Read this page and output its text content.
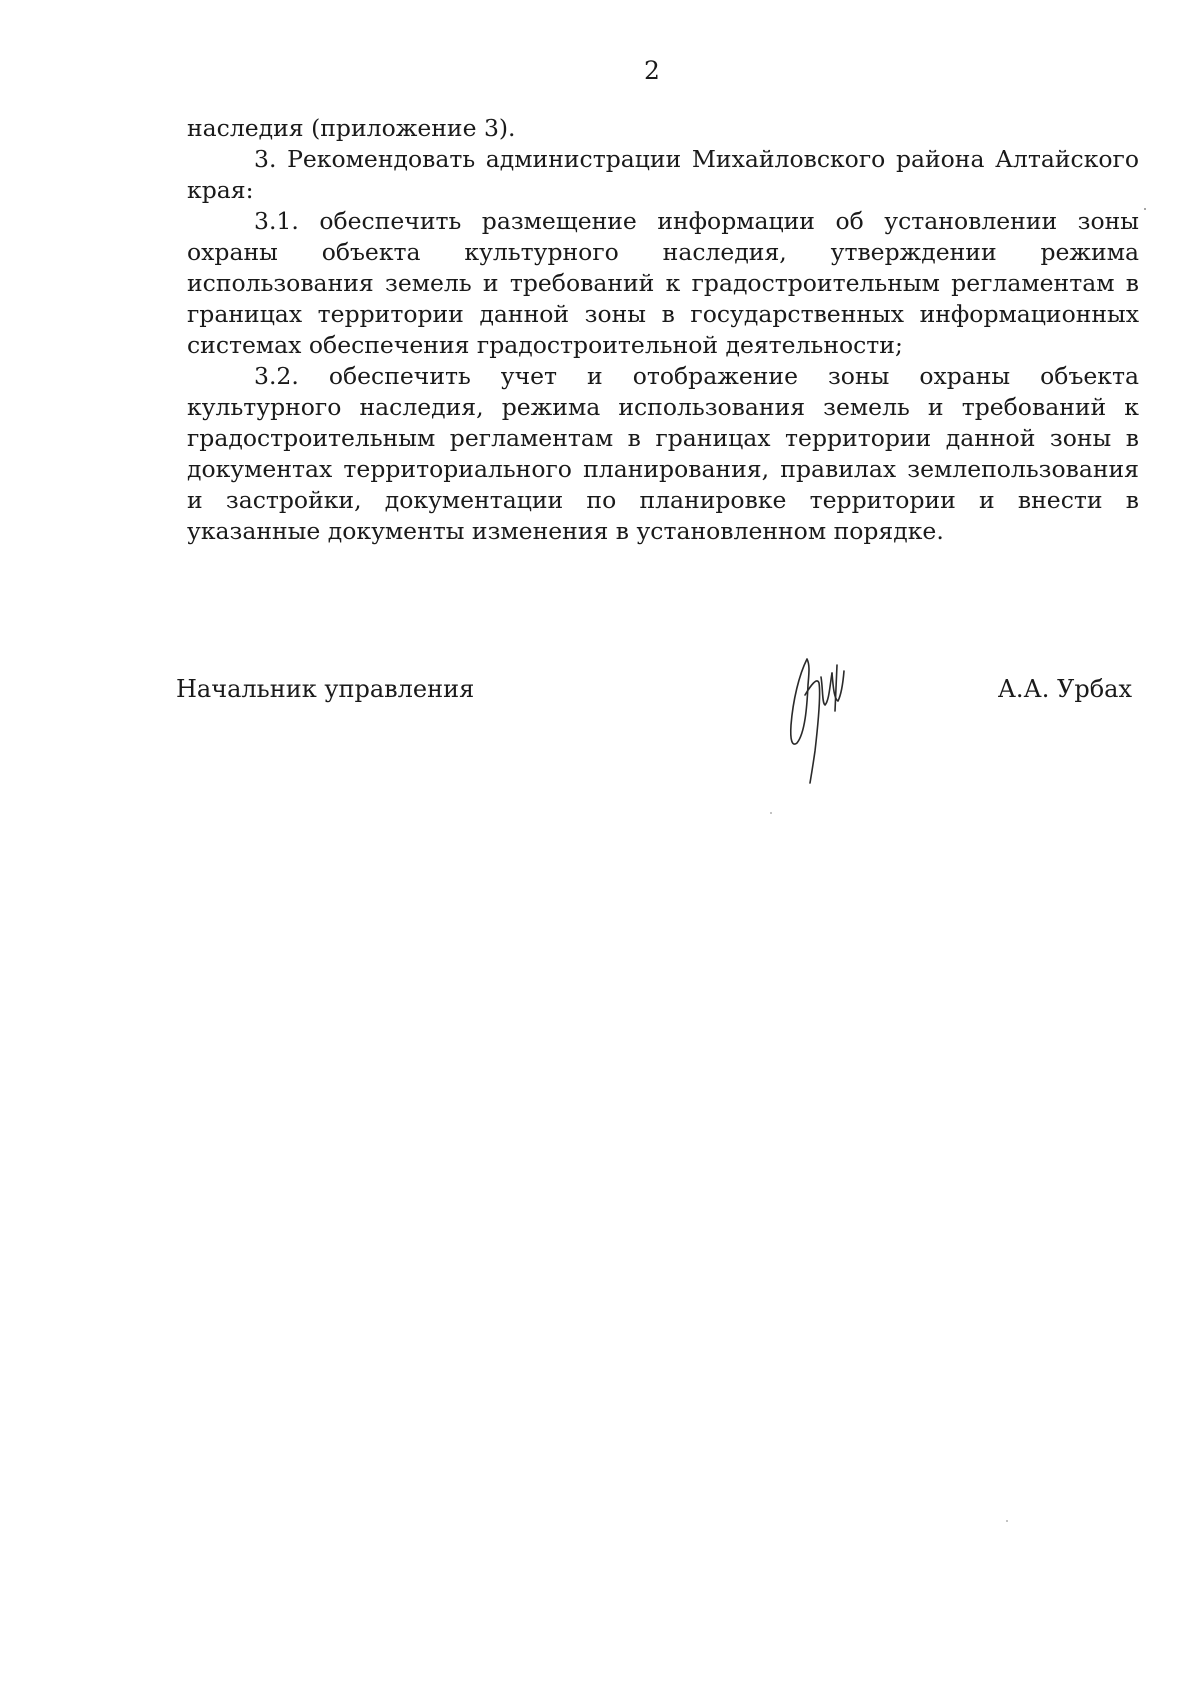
2

наследия (приложение 3).

3. Рекомендовать администрации Михайловского района Алтайского края:

3.1. обеспечить размещение информации об установлении зоны охраны объекта культурного наследия, утверждении режима использования земель и требований к градостроительным регламентам в границах территории данной зоны в государственных информационных системах обеспечения градостроительной деятельности;

3.2. обеспечить учет и отображение зоны охраны объекта культурного наследия, режима использования земель и требований к градостроительным регламентам в границах территории данной зоны в документах территориального планирования, правилах землепользования и застройки, документации по планировке территории и внести в указанные документы изменения в установленном порядке.

Начальник управления	А.А. Урбах
